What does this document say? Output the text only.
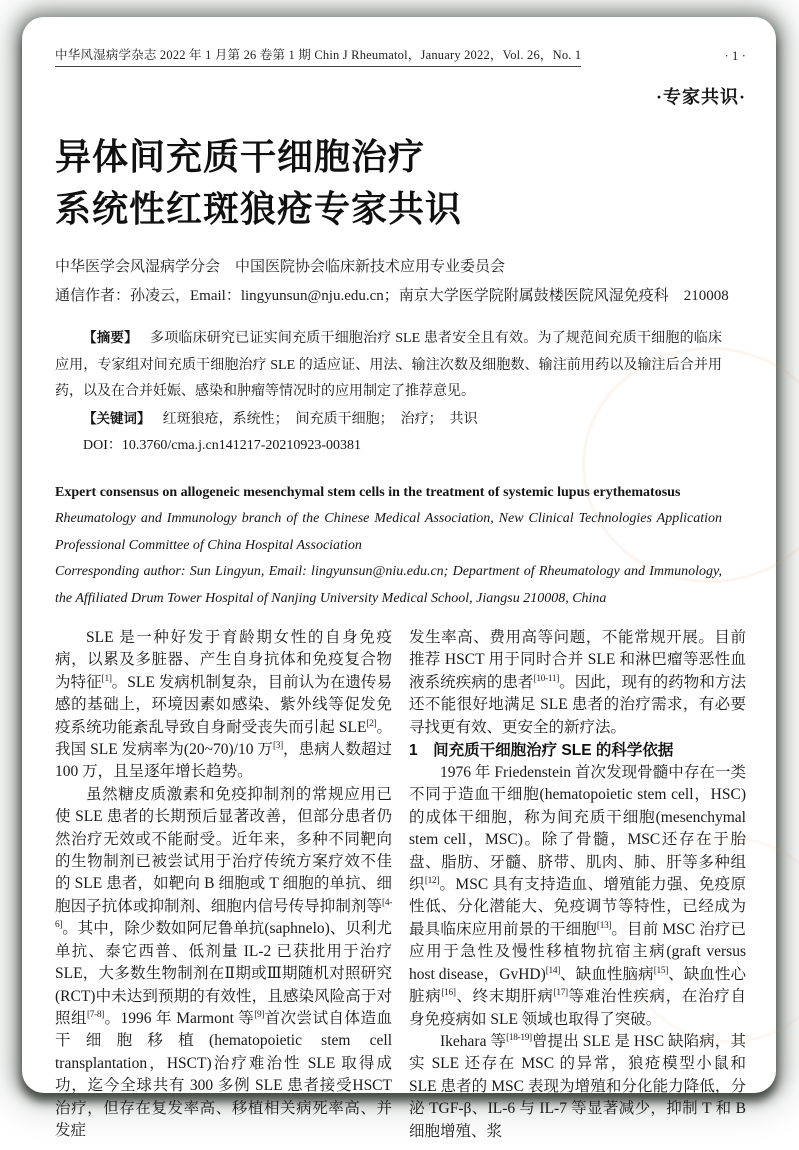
中华风湿病学杂志 2022 年 1 月第 26 卷第 1 期 Chin J Rheumatol，January 2022，Vol. 26，No. 1	· 1 ·
·专家共识·
异体间充质干细胞治疗
系统性红斑狼疮专家共识
中华医学会风湿病学分会　中国医院协会临床新技术应用专业委员会
通信作者：孙凌云，Email：lingyunsun@nju.edu.cn；南京大学医学院附属鼓楼医院风湿免疫科　210008

【摘要】 多项临床研究已证实间充质干细胞治疗 SLE 患者安全且有效。为了规范间充质干细胞的临床应用，专家组对间充质干细胞治疗 SLE 的适应证、用法、输注次数及细胞数、输注前用药以及输注后合并用药，以及在合并妊娠、感染和肿瘤等情况时的应用制定了推荐意见。

【关键词】 红斑狼疮，系统性；　间充质干细胞；　治疗；　共识

DOI：10.3760/cma.j.cn141217-20210923-00381

Expert consensus on allogeneic mesenchymal stem cells in the treatment of systemic lupus erythematosus

Rheumatology and Immunology branch of the Chinese Medical Association, New Clinical Technologies Application Professional Committee of China Hospital Association

Corresponding author: Sun Lingyun, Email: lingyunsun@niu.edu.cn; Department of Rheumatology and Immunology, the Affiliated Drum Tower Hospital of Nanjing University Medical School, Jiangsu 210008, China

SLE 是一种好发于育龄期女性的自身免疫病，以累及多脏器、产生自身抗体和免疫复合物为特征[1]。SLE 发病机制复杂，目前认为在遗传易感的基础上，环境因素如感染、紫外线等促发免疫系统功能紊乱导致自身耐受丧失而引起 SLE[2]。我国 SLE 发病率为(20~70)/10 万[3]，患病人数超过 100 万，且呈逐年增长趋势。

虽然糖皮质激素和免疫抑制剂的常规应用已使 SLE 患者的长期预后显著改善，但部分患者仍然治疗无效或不能耐受。近年来，多种不同靶向的生物制剂已被尝试用于治疗传统方案疗效不佳的 SLE 患者，如靶向 B 细胞或 T 细胞的单抗、细胞因子抗体或抑制剂、细胞内信号传导抑制剂等[4-6]。其中，除少数如阿尼鲁单抗(saphnelo)、贝利尤单抗、泰它西普、低剂量 IL-2 已获批用于治疗 SLE，大多数生物制剂在Ⅱ期或Ⅲ期随机对照研究(RCT)中未达到预期的有效性，且感染风险高于对照组[7-8]。1996 年 Marmont 等[9]首次尝试自体造血干细胞移植(hematopoietic stem cell transplantation，HSCT)治疗难治性 SLE 取得成功，迄今全球共有 300 多例 SLE 患者接受HSCT 治疗，但存在复发率高、移植相关病死率高、并发症

发生率高、费用高等问题，不能常规开展。目前推荐 HSCT 用于同时合并 SLE 和淋巴瘤等恶性血液系统疾病的患者[10-11]。因此，现有的药物和方法还不能很好地满足 SLE 患者的治疗需求，有必要寻找更有效、更安全的新疗法。

1　间充质干细胞治疗 SLE 的科学依据

1976 年 Friedenstein 首次发现骨髓中存在一类不同于造血干细胞(hematopoietic stem cell，HSC)的成体干细胞，称为间充质干细胞(mesenchymal stem cell，MSC)。除了骨髓，MSC还存在于胎盘、脂肪、牙髓、脐带、肌肉、肺、肝等多种组织[12]。MSC 具有支持造血、增殖能力强、免疫原性低、分化潜能大、免疫调节等特性，已经成为最具临床应用前景的干细胞[13]。目前 MSC 治疗已应用于急性及慢性移植物抗宿主病(graft versus host disease，GvHD)[14]、缺血性脑病[15]、缺血性心脏病[16]、终末期肝病[17]等难治性疾病，在治疗自身免疫病如 SLE 领域也取得了突破。

Ikehara 等[18-19]曾提出 SLE 是 HSC 缺陷病，其实 SLE 还存在 MSC 的异常，狼疮模型小鼠和 SLE 患者的 MSC 表现为增殖和分化能力降低，分泌 TGF-β、IL-6 与 IL-7 等显著减少，抑制 T 和 B 细胞增殖、浆
